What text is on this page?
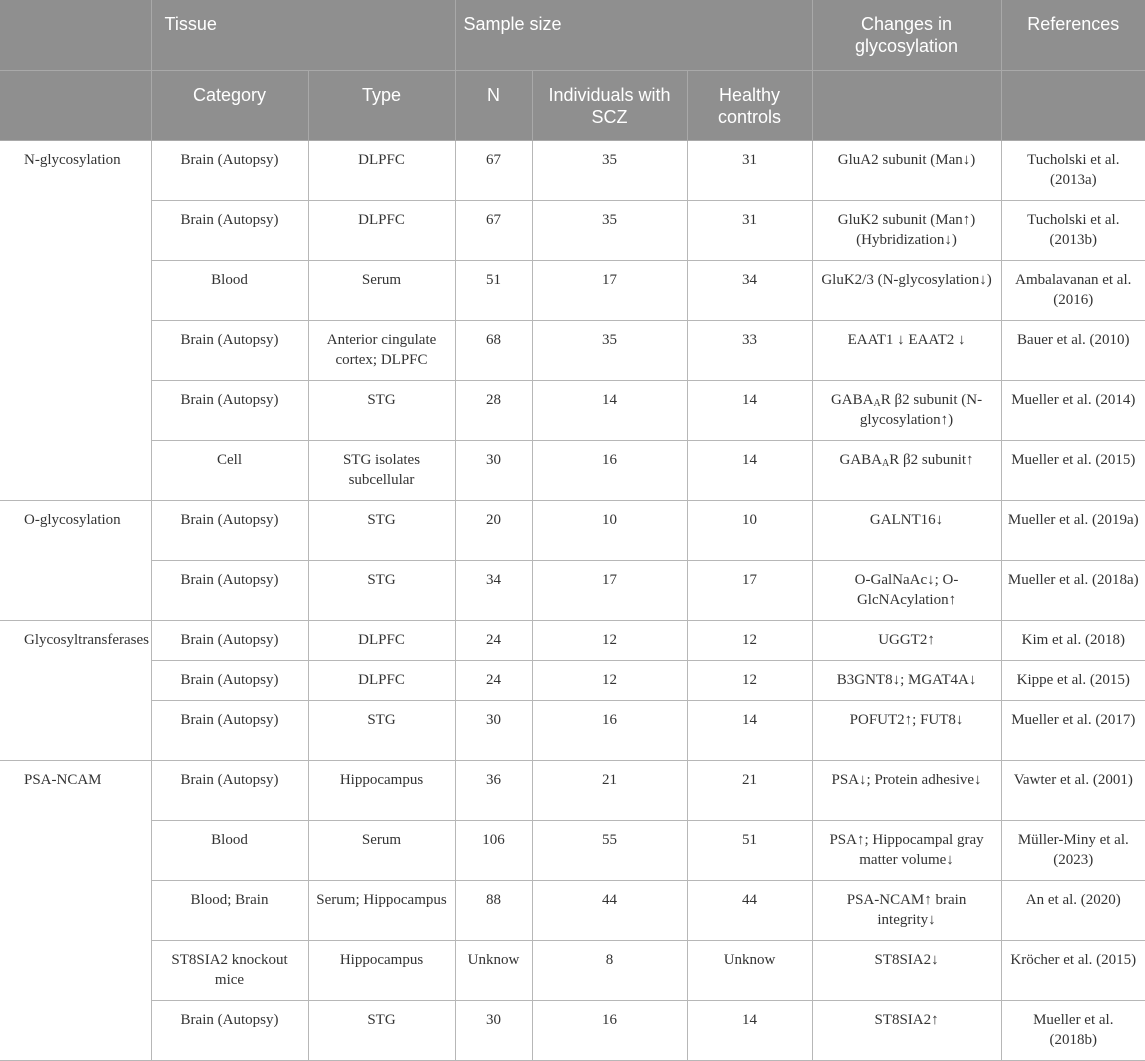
	Tissue		Sample size			Changes in glycosylation	References
	Category	Type	N	Individuals with SCZ	Healthy controls		
N-glycosylation	Brain (Autopsy)	DLPFC	67	35	31	GluA2 subunit (Man↓)	Tucholski et al. (2013a)
	Brain (Autopsy)	DLPFC	67	35	31	GluK2 subunit (Man↑) (Hybridization↓)	Tucholski et al. (2013b)
	Blood	Serum	51	17	34	GluK2/3 (N-glycosylation↓)	Ambalavanan et al. (2016)
	Brain (Autopsy)	Anterior cingulate cortex; DLPFC	68	35	33	EAAT1 ↓ EAAT2 ↓	Bauer et al. (2010)
	Brain (Autopsy)	STG	28	14	14	$GABA_AR$ β2 subunit (N-glycosylation↑)	Mueller et al. (2014)
	Cell	STG isolates subcellular	30	16	14	$GABA_AR$ β2 subunit↑	Mueller et al. (2015)
O-glycosylation	Brain (Autopsy)	STG	20	10	10	GALNT16↓	Mueller et al. (2019a)
	Brain (Autopsy)	STG	34	17	17	O-GalNaAc↓; O-GlcNAcylation↑	Mueller et al. (2018a)
Glycosyltransferases	Brain (Autopsy)	DLPFC	24	12	12	UGGT2↑	Kim et al. (2018)
	Brain (Autopsy)	DLPFC	24	12	12	B3GNT8↓; MGAT4A↓	Kippe et al. (2015)
	Brain (Autopsy)	STG	30	16	14	POFUT2↑; FUT8↓	Mueller et al. (2017)
PSA-NCAM	Brain (Autopsy)	Hippocampus	36	21	21	PSA↓; Protein adhesive↓	Vawter et al. (2001)
	Blood	Serum	106	55	51	PSA↑; Hippocampal gray matter volume↓	Müller-Miny et al. (2023)
	Blood; Brain	Serum; Hippocampus	88	44	44	PSA-NCAM↑ brain integrity↓	An et al. (2020)
	ST8SIA2 knockout mice	Hippocampus	Unknow	8	Unknow	ST8SIA2↓	Kröcher et al. (2015)
	Brain (Autopsy)	STG	30	16	14	ST8SIA2↑	Mueller et al. (2018b)
